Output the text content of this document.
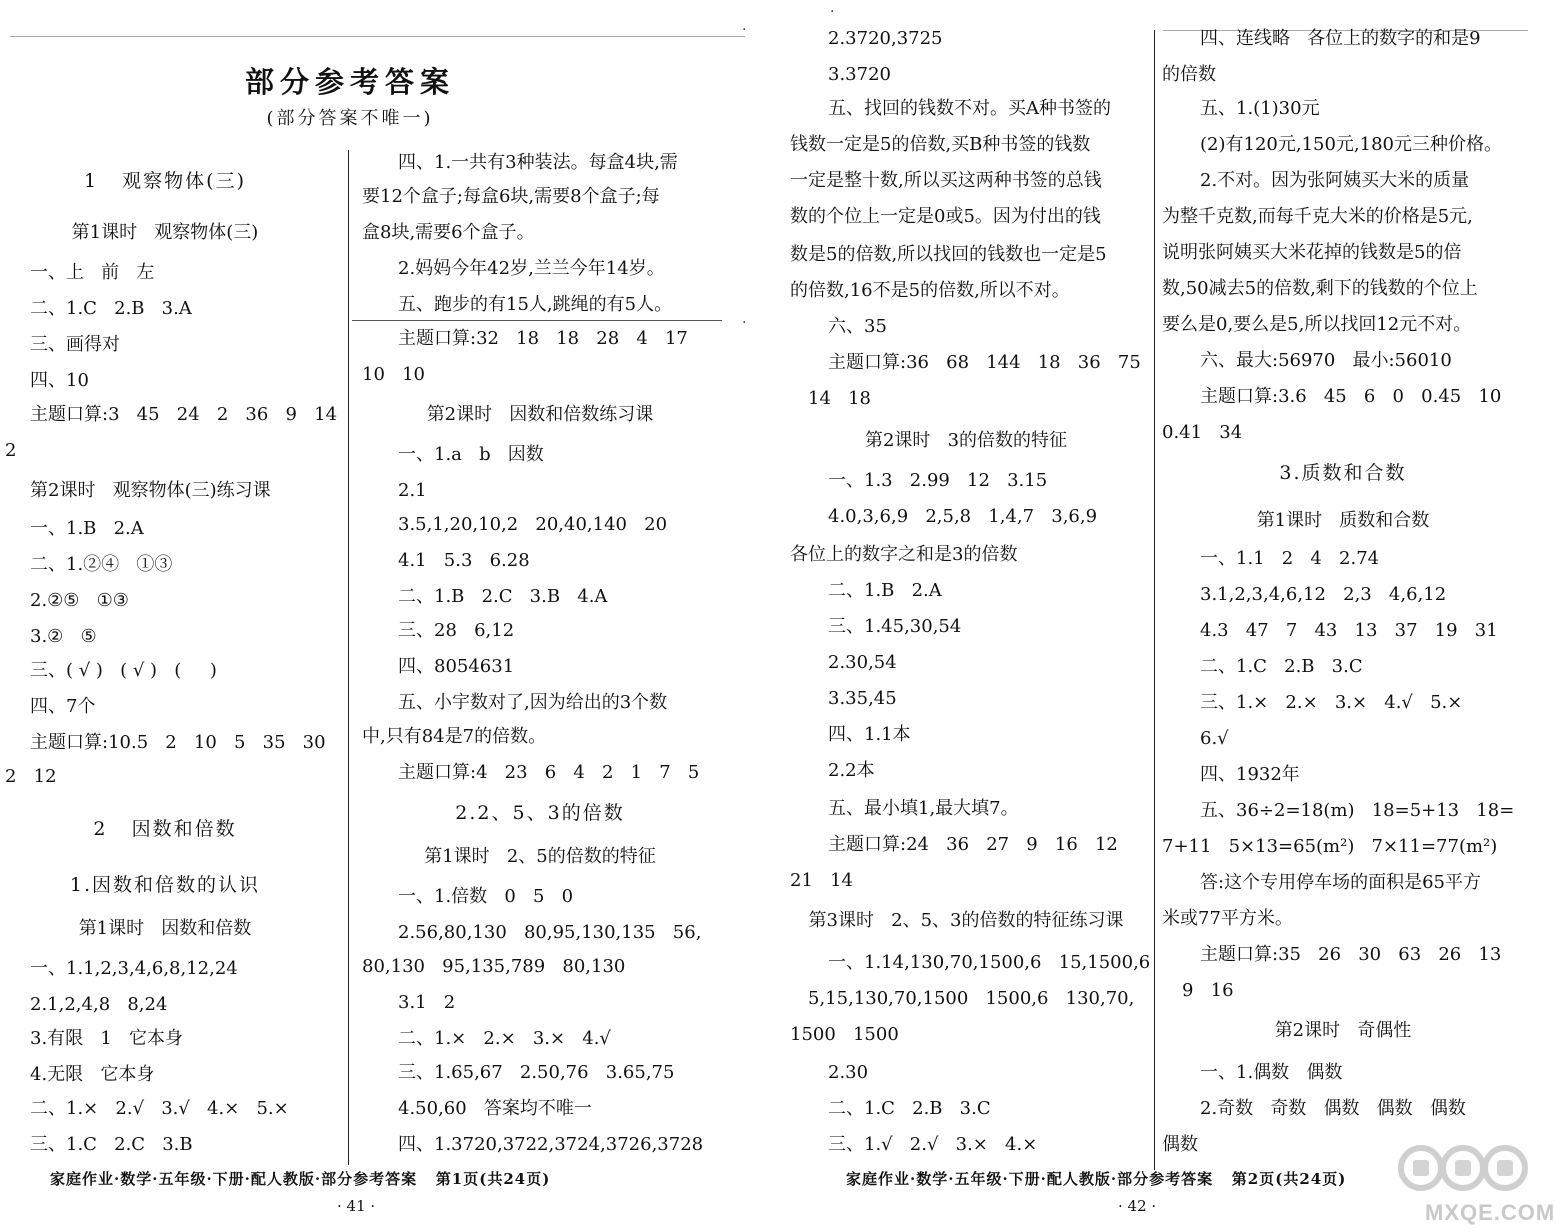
部分参考答案
(部分答案不唯一)
·
·
1   观察物体(三)
第1课时   观察物体(三)
一、上   前   左
二、1.C   2.B   3.A
三、画得对
四、10
主题口算:3   45   24   2   36   9   14
2
第2课时   观察物体(三)练习课
一、1.B   2.A
二、1.②④   ①③
2.②⑤   ①③
3.②   ⑤
三、( √ )   ( √ )   (     )
四、7个
主题口算:10.5   2   10   5   35   30
2   12
2   因数和倍数
1.因数和倍数的认识
第1课时   因数和倍数
一、1.1,2,3,4,6,8,12,24
2.1,2,4,8   8,24
3.有限   1   它本身
4.无限   它本身
二、1.×   2.√   3.√   4.×   5.×
三、1.C   2.C   3.B
四、1.一共有3种装法。每盒4块,需
要12个盒子;每盒6块,需要8个盒子;每
盒8块,需要6个盒子。
2.妈妈今年42岁,兰兰今年14岁。
五、跑步的有15人,跳绳的有5人。
主题口算:32   18   18   28   4   17
10   10
第2课时   因数和倍数练习课
一、1.a   b   因数
2.1
3.5,1,20,10,2   20,40,140   20
4.1   5.3   6.28
二、1.B   2.C   3.B   4.A
三、28   6,12
四、8054631
五、小宇数对了,因为给出的3个数
中,只有84是7的倍数。
主题口算:4   23   6   4   2   1   7   5
2.2、5、3的倍数
第1课时   2、5的倍数的特征
一、1.倍数   0   5   0
2.56,80,130   80,95,130,135   56,
80,130   95,135,789   80,130
3.1   2
二、1.×   2.×   3.×   4.√
三、1.65,67   2.50,76   3.65,75
4.50,60   答案均不唯一
四、1.3720,3722,3724,3726,3728
家庭作业·数学·五年级·下册·配人教版·部分参考答案   第1页(共24页)
· 41 ·
·
2.3720,3725
3.3720
五、找回的钱数不对。买A种书签的
钱数一定是5的倍数,买B种书签的钱数
一定是整十数,所以买这两种书签的总钱
数的个位上一定是0或5。因为付出的钱
数是5的倍数,所以找回的钱数也一定是5
的倍数,16不是5的倍数,所以不对。
六、35
主题口算:36   68   144   18   36   75
14   18
第2课时   3的倍数的特征
一、1.3   2.99   12   3.15
4.0,3,6,9   2,5,8   1,4,7   3,6,9
各位上的数字之和是3的倍数
二、1.B   2.A
三、1.45,30,54
2.30,54
3.35,45
四、1.1本
2.2本
五、最小填1,最大填7。
主题口算:24   36   27   9   16   12
21   14
第3课时   2、5、3的倍数的特征练习课
一、1.14,130,70,1500,6   15,1500,6
5,15,130,70,1500   1500,6   130,70,
1500   1500
2.30
二、1.C   2.B   3.C
三、1.√   2.√   3.×   4.×
四、连线略   各位上的数字的和是9
的倍数
五、1.(1)30元
(2)有120元,150元,180元三种价格。
2.不对。因为张阿姨买大米的质量
为整千克数,而每千克大米的价格是5元,
说明张阿姨买大米花掉的钱数是5的倍
数,50减去5的倍数,剩下的钱数的个位上
要么是0,要么是5,所以找回12元不对。
六、最大:56970   最小:56010
主题口算:3.6   45   6   0   0.45   10
0.41   34
3.质数和合数
第1课时   质数和合数
一、1.1   2   4   2.74
3.1,2,3,4,6,12   2,3   4,6,12
4.3   47   7   43   13   37   19   31
二、1.C   2.B   3.C
三、1.×   2.×   3.×   4.√   5.×
6.√
四、1932年
五、36÷2=18(m)   18=5+13   18=
7+11   5×13=65(m²)   7×11=77(m²)
答:这个专用停车场的面积是65平方
米或77平方米。
主题口算:35   26   30   63   26   13
9   16
第2课时   奇偶性
一、1.偶数   偶数
2.奇数   奇数   偶数   偶数   偶数
偶数
家庭作业·数学·五年级·下册·配人教版·部分参考答案   第2页(共24页)
· 42 ·	MXQE.COM
